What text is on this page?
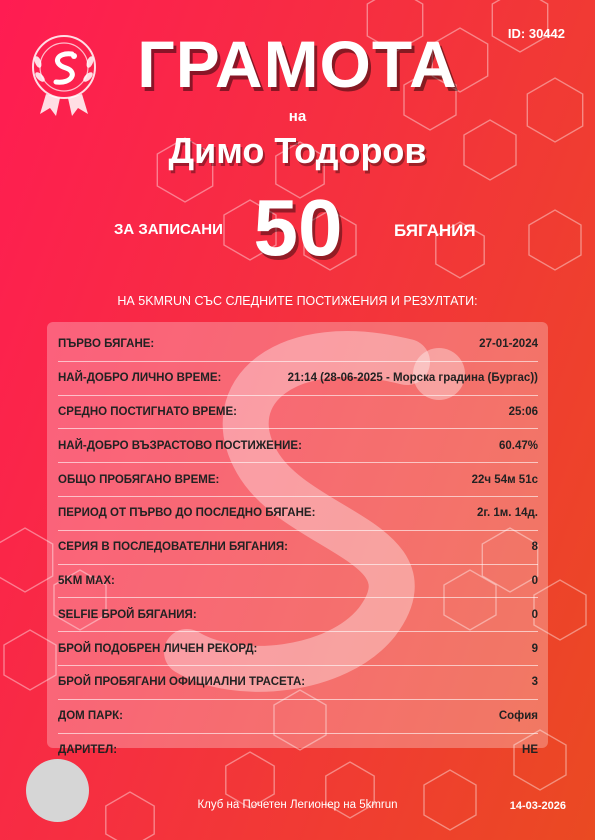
ID: 30442
ГРАМОТА
на
Димо Тодоров
ЗА ЗАПИСАНИ 50	БЯГАНИЯ
НА 5KMRUN СЪС СЛЕДНИТЕ ПОСТИЖЕНИЯ И РЕЗУЛТАТИ:
ПЪРВО БЯГАНЕ:	27-01-2024
НАЙ-ДОБРО ЛИЧНО ВРЕМЕ:	21:14 (28-06-2025 - Морска градина (Бургас))
СРЕДНО ПОСТИГНАТО ВРЕМЕ:	25:06
НАЙ-ДОБРО ВЪЗРАСТОВО ПОСТИЖЕНИЕ:	60.47%
ОБЩО ПРОБЯГАНО ВРЕМЕ:	22ч 54м 51с
ПЕРИОД ОТ ПЪРВО ДО ПОСЛЕДНО БЯГАНЕ:	2г. 1м. 14д.
СЕРИЯ В ПОСЛЕДОВАТЕЛНИ БЯГАНИЯ:	8
5KM MAX:	0
SELFIE БРОЙ БЯГАНИЯ:	0
БРОЙ ПОДОБРЕН ЛИЧЕН РЕКОРД:	9
БРОЙ ПРОБЯГАНИ ОФИЦИАЛНИ ТРАСЕТА:	3
ДОМ ПАРК:	София
ДАРИТЕЛ:	НЕ
Клуб на Почетен Легионер на 5kmrun	14-03-2026
